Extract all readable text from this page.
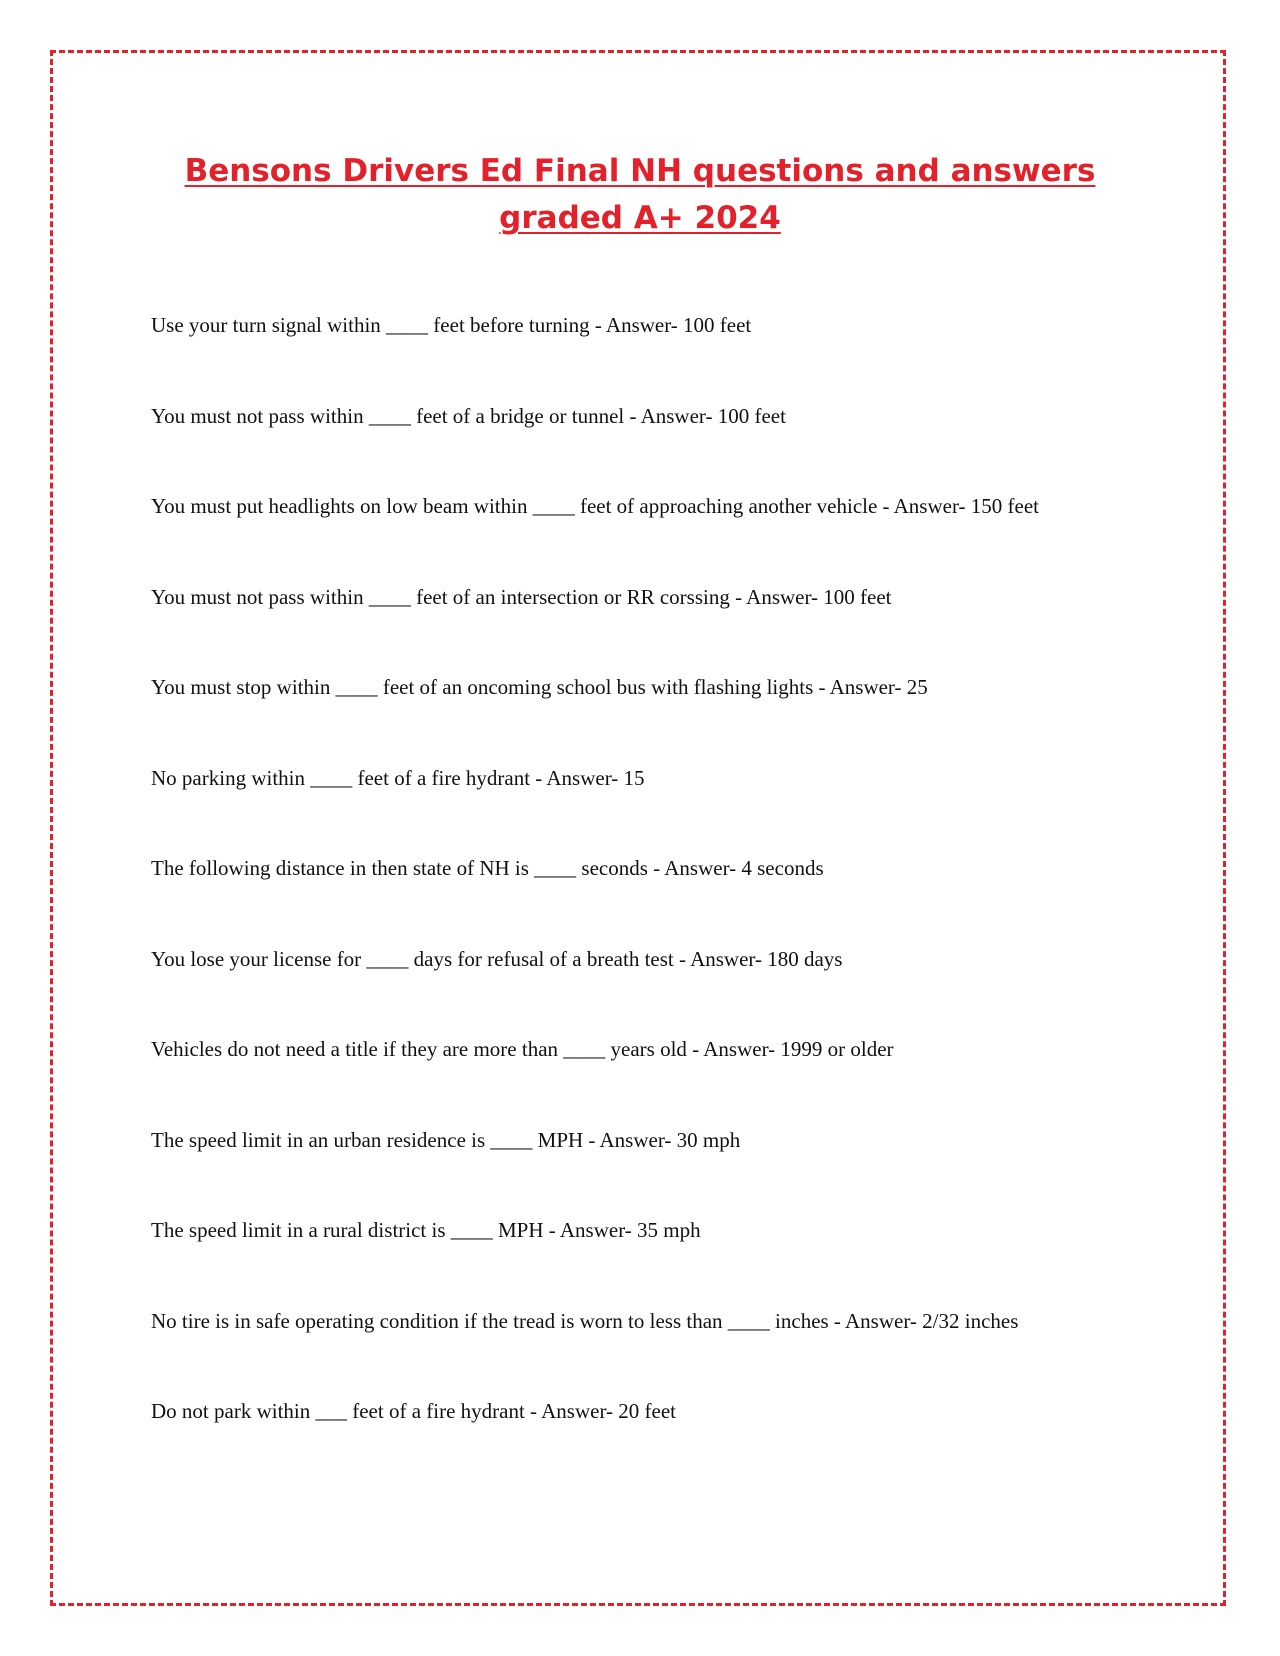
Bensons Drivers Ed Final NH questions and answers graded A+ 2024
Use your turn signal within ____ feet before turning - Answer- 100 feet
You must not pass within ____ feet of a bridge or tunnel - Answer- 100 feet
You must put headlights on low beam within ____ feet of approaching another vehicle - Answer- 150 feet
You must not pass within ____ feet of an intersection or RR corssing - Answer- 100 feet
You must stop within ____ feet of an oncoming school bus with flashing lights - Answer- 25
No parking within ____ feet of a fire hydrant - Answer- 15
The following distance in then state of NH is ____ seconds - Answer- 4 seconds
You lose your license for ____ days for refusal of a breath test - Answer- 180 days
Vehicles do not need a title if they are more than ____ years old - Answer- 1999 or older
The speed limit in an urban residence is ____ MPH - Answer- 30 mph
The speed limit in a rural district is ____ MPH - Answer- 35 mph
No tire is in safe operating condition if the tread is worn to less than ____ inches - Answer- 2/32 inches
Do not park within ___ feet of a fire hydrant - Answer- 20 feet
